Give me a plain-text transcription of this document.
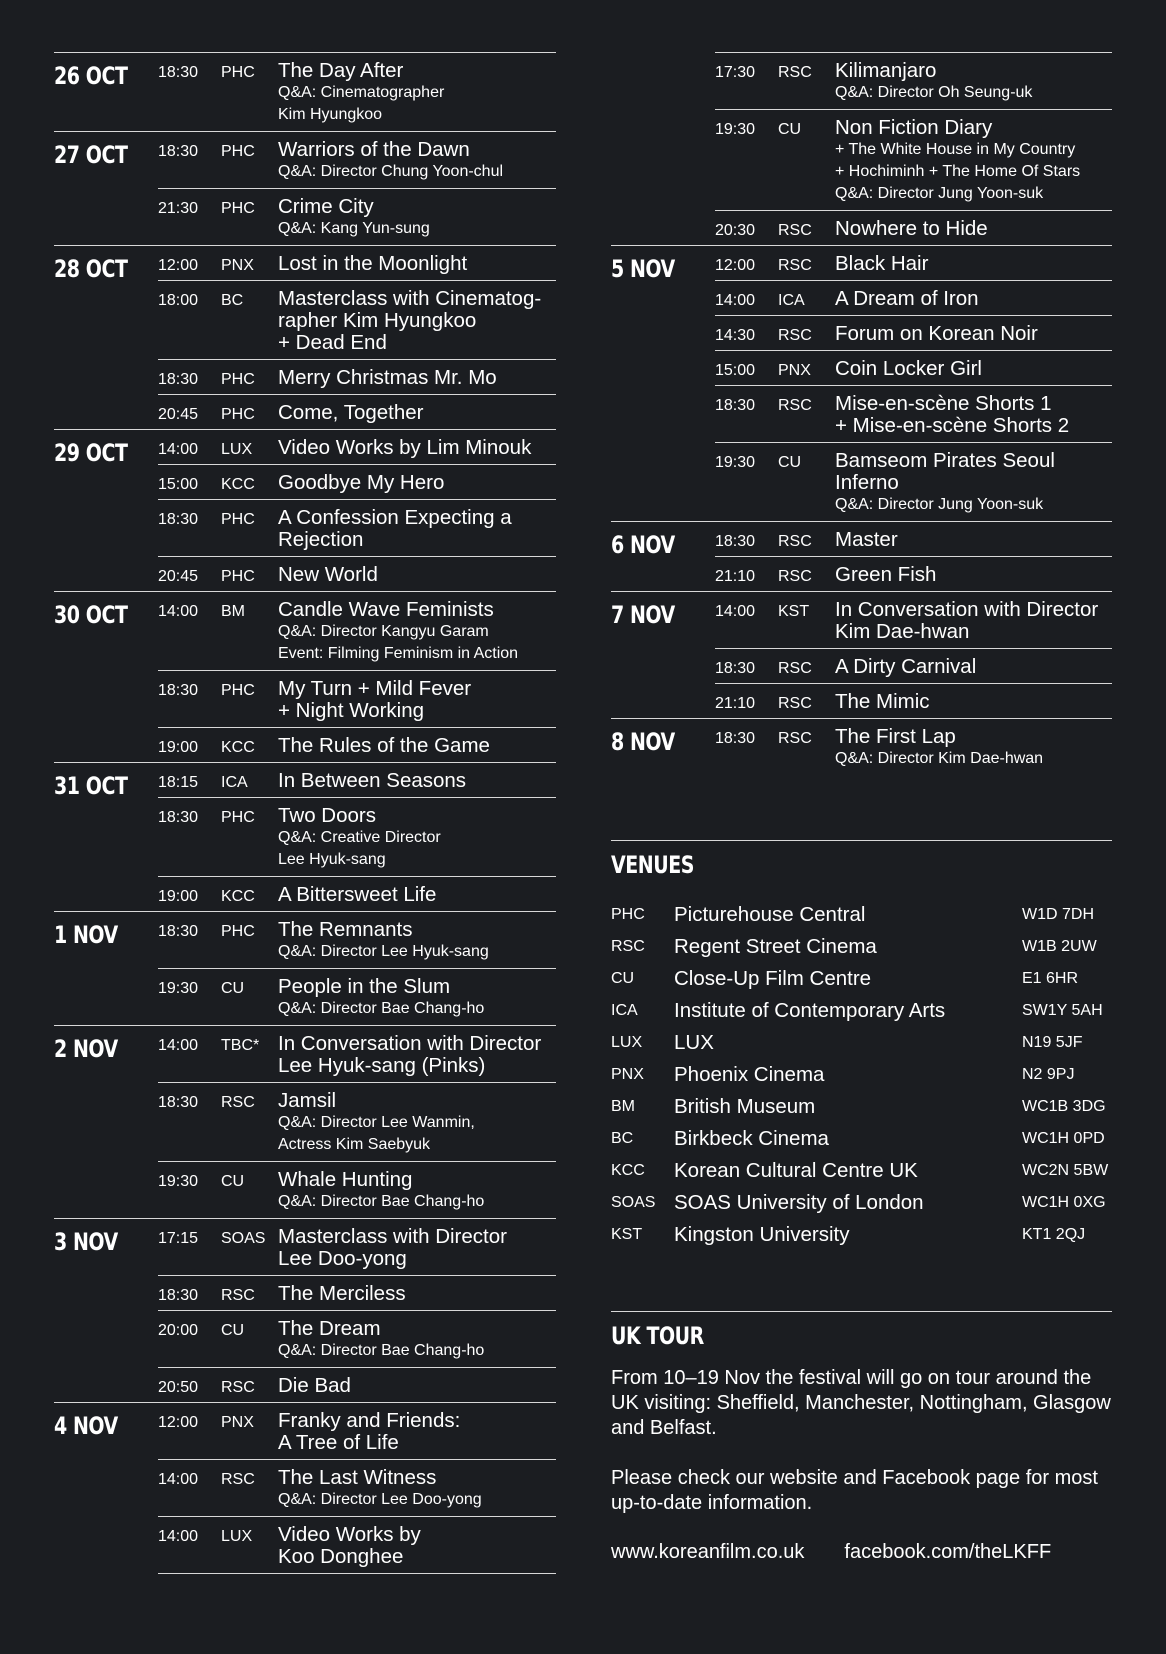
26 OCT	18:30	PHC	The Day After
Q&A: Cinematographer
Kim Hyungkoo
27 OCT	18:30	PHC	Warriors of the Dawn
Q&A: Director Chung Yoon-chul
21:30	PHC	Crime City
Q&A: Kang Yun-sung
28 OCT	12:00	PNX	Lost in the Moonlight
18:00	BC	Masterclass with Cinematog-
rapher Kim Hyungkoo
+ Dead End
18:30	PHC	Merry Christmas Mr. Mo
20:45	PHC	Come, Together
29 OCT	14:00	LUX	Video Works by Lim Minouk
15:00	KCC	Goodbye My Hero
18:30	PHC	A Confession Expecting a
Rejection
20:45	PHC	New World
30 OCT	14:00	BM	Candle Wave Feminists
Q&A: Director Kangyu Garam
Event: Filming Feminism in Action
18:30	PHC	My Turn + Mild Fever
+ Night Working
19:00	KCC	The Rules of the Game
31 OCT	18:15	ICA	In Between Seasons
18:30	PHC	Two Doors
Q&A: Creative Director
Lee Hyuk-sang
19:00	KCC	A Bittersweet Life
1 NOV	18:30	PHC	The Remnants
Q&A: Director Lee Hyuk-sang
19:30	CU	People in the Slum
Q&A: Director Bae Chang-ho
2 NOV	14:00	TBC* In Conversation with Director
Lee Hyuk-sang (Pinks)
18:30	RSC	Jamsil
Q&A: Director Lee Wanmin,
Actress Kim Saebyuk
19:30	CU	Whale Hunting
Q&A: Director Bae Chang-ho
3 NOV	17:15	SOAS Masterclass with Director
Lee Doo-yong
18:30	RSC	The Merciless
20:00	CU	The Dream
Q&A: Director Bae Chang-ho
20:50	RSC	Die Bad
4 NOV	12:00	PNX	Franky and Friends:
A Tree of Life
14:00	RSC	The Last Witness
Q&A: Director Lee Doo-yong
14:00	LUX	Video Works by
Koo Donghee
17:30	RSC	Kilimanjaro
Q&A: Director Oh Seung-uk
19:30	CU	Non Fiction Diary
+ The White House in My Country
+ Hochiminh + The Home Of Stars
Q&A: Director Jung Yoon-suk
20:30	RSC	Nowhere to Hide
5 NOV	12:00	RSC	Black Hair
14:00	ICA	A Dream of Iron
14:30	RSC	Forum on Korean Noir
15:00	PNX	Coin Locker Girl
18:30	RSC	Mise-en-scène Shorts 1
+ Mise-en-scène Shorts 2
19:30	CU	Bamseom Pirates Seoul
Inferno
Q&A: Director Jung Yoon-suk
6 NOV	18:30	RSC	Master
21:10	RSC	Green Fish
7 NOV	14:00	KST	In Conversation with Director
Kim Dae-hwan
18:30	RSC	A Dirty Carnival
21:10	RSC	The Mimic
8 NOV	18:30	RSC	The First Lap
Q&A: Director Kim Dae-hwan
VENUES
PHC	Picturehouse Central	W1D 7DH
RSC	Regent Street Cinema	W1B 2UW
CU	Close-Up Film Centre	E1 6HR
ICA	Institute of Contemporary Arts	SW1Y 5AH
LUX	LUX	N19 5JF
PNX	Phoenix Cinema	N2 9PJ
BM	British Museum	WC1B 3DG
BC	Birkbeck Cinema	WC1H 0PD
KCC	Korean Cultural Centre UK	WC2N 5BW
SOAS SOAS University of London	WC1H 0XG
KST	Kingston University	KT1 2QJ
UK TOUR
From 10–19 Nov the festival will go on tour around the UK visiting: Sheffield, Manchester, Nottingham, Glasgow and Belfast.
Please check our website and Facebook page for most up-to-date information.
www.koreanfilm.co.uk facebook.com/theLKFF
